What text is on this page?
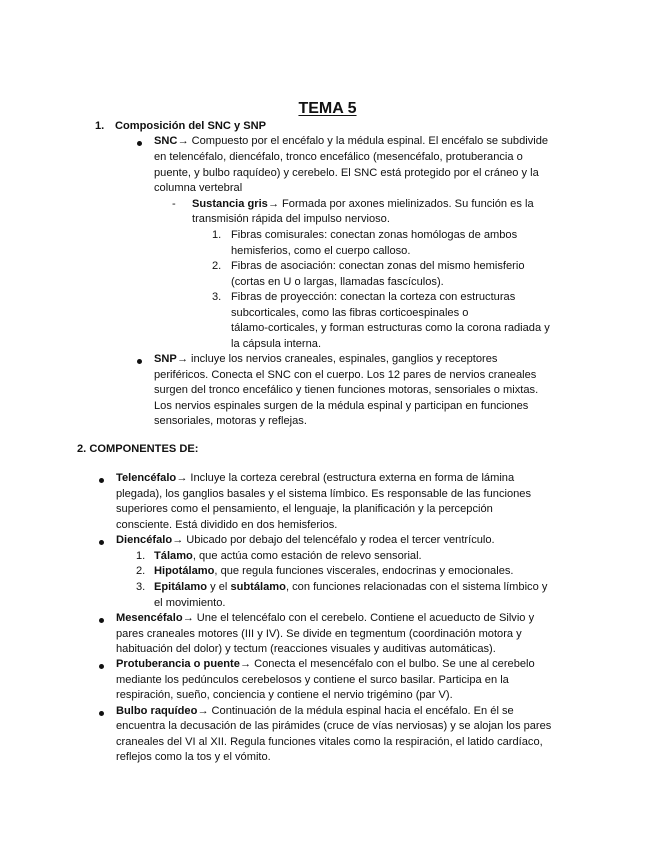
TEMA 5
1. Composición del SNC y SNP
SNC→ Compuesto por el encéfalo y la médula espinal. El encéfalo se subdivide
en telencéfalo, diencéfalo, tronco encefálico (mesencéfalo, protuberancia o
puente, y bulbo raquídeo) y cerebelo. El SNC está protegido por el cráneo y la
columna vertebral
- Sustancia gris→ Formada por axones mielinizados. Su función es la
transmisión rápida del impulso nervioso.
1. Fibras comisurales: conectan zonas homólogas de ambos
hemisferios, como el cuerpo calloso.
2. Fibras de asociación: conectan zonas del mismo hemisferio
(cortas en U o largas, llamadas fascículos).
3. Fibras de proyección: conectan la corteza con estructuras
subcorticales, como las fibras corticoespinales o
tálamo-corticales, y forman estructuras como la corona radiada y
la cápsula interna.
SNP→ incluye los nervios craneales, espinales, ganglios y receptores
periféricos. Conecta el SNC con el cuerpo. Los 12 pares de nervios craneales
surgen del tronco encefálico y tienen funciones motoras, sensoriales o mixtas.
Los nervios espinales surgen de la médula espinal y participan en funciones
sensoriales, motoras y reflejas.
2. COMPONENTES DE:
Telencéfalo→ Incluye la corteza cerebral (estructura externa en forma de lámina
plegada), los ganglios basales y el sistema límbico. Es responsable de las funciones
superiores como el pensamiento, el lenguaje, la planificación y la percepción
consciente. Está dividido en dos hemisferios.
Diencéfalo→ Ubicado por debajo del telencéfalo y rodea el tercer ventrículo.
1. Tálamo, que actúa como estación de relevo sensorial.
2. Hipotálamo, que regula funciones viscerales, endocrinas y emocionales.
3. Epitálamo y el subtálamo, con funciones relacionadas con el sistema límbico y
el movimiento.
Mesencéfalo→ Une el telencéfalo con el cerebelo. Contiene el acueducto de Silvio y
pares craneales motores (III y IV). Se divide en tegmentum (coordinación motora y
habituación del dolor) y tectum (reacciones visuales y auditivas automáticas).
Protuberancia o puente→ Conecta el mesencéfalo con el bulbo. Se une al cerebelo
mediante los pedúnculos cerebelosos y contiene el surco basilar. Participa en la
respiración, sueño, conciencia y contiene el nervio trigémino (par V).
Bulbo raquídeo→ Continuación de la médula espinal hacia el encéfalo. En él se
encuentra la decusación de las pirámides (cruce de vías nerviosas) y se alojan los pares
craneales del VI al XII. Regula funciones vitales como la respiración, el latido cardíaco,
reflejos como la tos y el vómito.
